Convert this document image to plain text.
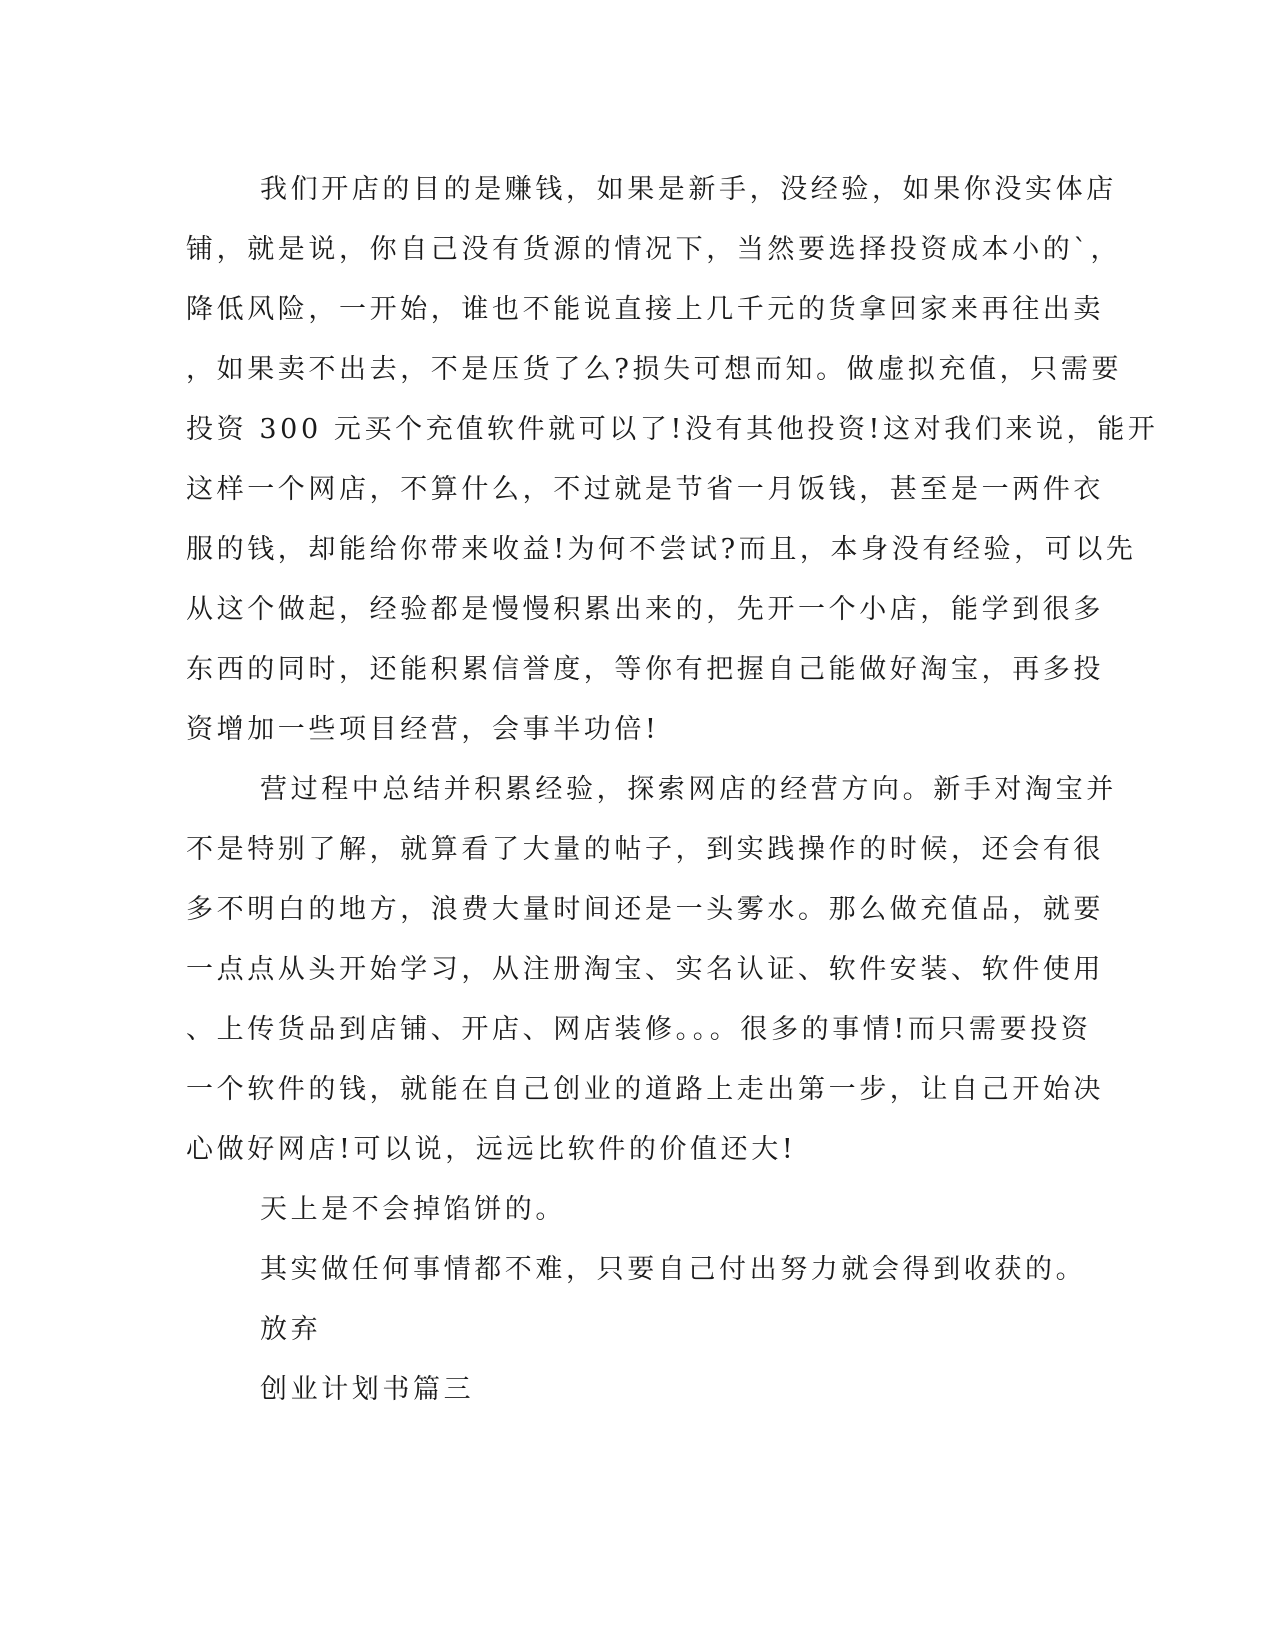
我们开店的目的是赚钱，如果是新手，没经验，如果你没实体店
铺，就是说，你自己没有货源的情况下，当然要选择投资成本小的`，
降低风险，一开始，谁也不能说直接上几千元的货拿回家来再往出卖
，如果卖不出去，不是压货了么?损失可想而知。做虚拟充值，只需要
投资 300 元买个充值软件就可以了!没有其他投资!这对我们来说，能开
这样一个网店，不算什么，不过就是节省一月饭钱，甚至是一两件衣
服的钱，却能给你带来收益!为何不尝试?而且，本身没有经验，可以先
从这个做起，经验都是慢慢积累出来的，先开一个小店，能学到很多
东西的同时，还能积累信誉度，等你有把握自己能做好淘宝，再多投
资增加一些项目经营，会事半功倍!
营过程中总结并积累经验，探索网店的经营方向。新手对淘宝并
不是特别了解，就算看了大量的帖子，到实践操作的时候，还会有很
多不明白的地方，浪费大量时间还是一头雾水。那么做充值品，就要
一点点从头开始学习，从注册淘宝、实名认证、软件安装、软件使用
、上传货品到店铺、开店、网店装修。。。很多的事情!而只需要投资
一个软件的钱，就能在自己创业的道路上走出第一步，让自己开始决
心做好网店!可以说，远远比软件的价值还大!
天上是不会掉馅饼的。
其实做任何事情都不难，只要自己付出努力就会得到收获的。
放弃
创业计划书篇三
